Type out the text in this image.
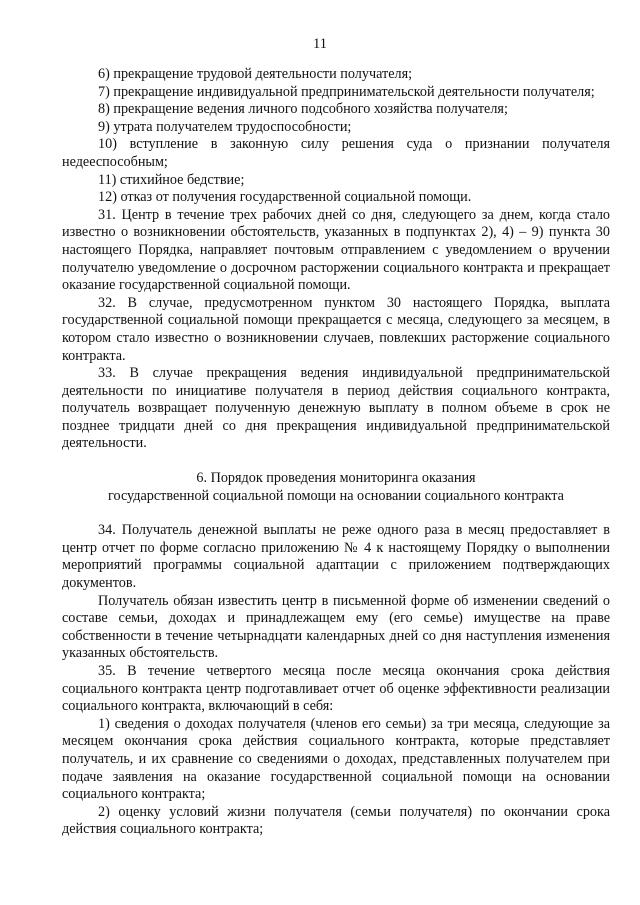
11

6) прекращение трудовой деятельности получателя;

7) прекращение индивидуальной предпринимательской деятельности получателя;

8) прекращение ведения личного подсобного хозяйства получателя;

9) утрата получателем трудоспособности;

10) вступление в законную силу решения суда о признании получателя недееспособным;

11) стихийное бедствие;

12) отказ от получения государственной социальной помощи.

31. Центр в течение трех рабочих дней со дня, следующего за днем, когда стало известно о возникновении обстоятельств, указанных в подпунктах 2), 4) – 9) пункта 30 настоящего Порядка, направляет почтовым отправлением с уведомлением о вручении получателю уведомление о досрочном расторжении социального контракта и прекращает оказание государственной социальной помощи.

32. В случае, предусмотренном пунктом 30 настоящего Порядка, выплата государственной социальной помощи прекращается с месяца, следующего за месяцем, в котором стало известно о возникновении случаев, повлекших расторжение социального контракта.

33. В случае прекращения ведения индивидуальной предпринимательской деятельности по инициативе получателя в период действия социального контракта, получатель возвращает полученную денежную выплату в полном объеме в срок не позднее тридцати дней со дня прекращения индивидуальной предпринимательской деятельности.

6. Порядок проведения мониторинга оказания

государственной социальной помощи на основании социального контракта

34. Получатель денежной выплаты не реже одного раза в месяц предоставляет в центр отчет по форме согласно приложению № 4 к настоящему Порядку о выполнении мероприятий программы социальной адаптации с приложением подтверждающих документов.

Получатель обязан известить центр в письменной форме об изменении сведений о составе семьи, доходах и принадлежащем ему (его семье) имуществе на праве собственности в течение четырнадцати календарных дней со дня наступления изменения указанных обстоятельств.

35. В течение четвертого месяца после месяца окончания срока действия социального контракта центр подготавливает отчет об оценке эффективности реализации социального контракта, включающий в себя:

1) сведения о доходах получателя (членов его семьи) за три месяца, следующие за месяцем окончания срока действия социального контракта, которые представляет получатель, и их сравнение со сведениями о доходах, представленных получателем при подаче заявления на оказание государственной социальной помощи на основании социального контракта;

2) оценку условий жизни получателя (семьи получателя) по окончании срока действия социального контракта;
